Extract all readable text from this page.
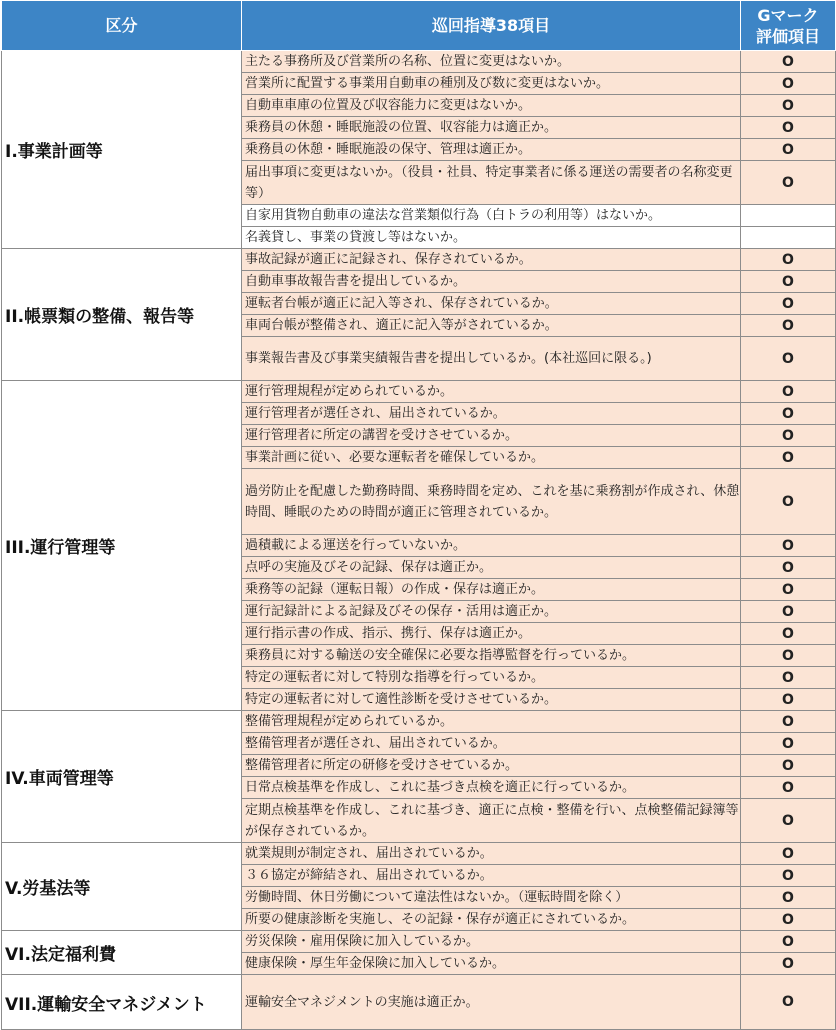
区分	巡回指導38項目	Gマーク
評価項目
I.事業計画等	主たる事務所及び営業所の名称、位置に変更はないか。	O
	営業所に配置する事業用自動車の種別及び数に変更はないか。	O
	自動車車庫の位置及び収容能力に変更はないか。	O
	乗務員の休憩・睡眠施設の位置、収容能力は適正か。	O
	乗務員の休憩・睡眠施設の保守、管理は適正か。	O
	届出事項に変更はないか。（役員・社員、特定事業者に係る運送の需要者の名称変更等）	O
	自家用貨物自動車の違法な営業類似行為（白トラの利用等）はないか。	
	名義貸し、事業の貸渡し等はないか。	
II.帳票類の整備、報告等	事故記録が適正に記録され、保存されているか。	O
	自動車事故報告書を提出しているか。	O
	運転者台帳が適正に記入等され、保存されているか。	O
	車両台帳が整備され、適正に記入等がされているか。	O
	事業報告書及び事業実績報告書を提出しているか。(本社巡回に限る。)	O
III.運行管理等	運行管理規程が定められているか。	O
	運行管理者が選任され、届出されているか。	O
	運行管理者に所定の講習を受けさせているか。	O
	事業計画に従い、必要な運転者を確保しているか。	O
	過労防止を配慮した勤務時間、乗務時間を定め、これを基に乗務割が作成され、休憩時間、睡眠のための時間が適正に管理されているか。	O
	過積載による運送を行っていないか。	O
	点呼の実施及びその記録、保存は適正か。	O
	乗務等の記録（運転日報）の作成・保存は適正か。	O
	運行記録計による記録及びその保存・活用は適正か。	O
	運行指示書の作成、指示、携行、保存は適正か。	O
	乗務員に対する輸送の安全確保に必要な指導監督を行っているか。	O
	特定の運転者に対して特別な指導を行っているか。	O
	特定の運転者に対して適性診断を受けさせているか。	O
IV.車両管理等	整備管理規程が定められているか。	O
	整備管理者が選任され、届出されているか。	O
	整備管理者に所定の研修を受けさせているか。	O
	日常点検基準を作成し、これに基づき点検を適正に行っているか。	O
	定期点検基準を作成し、これに基づき、適正に点検・整備を行い、点検整備記録簿等が保存されているか。	O
V.労基法等	就業規則が制定され、届出されているか。	O
	３６協定が締結され、届出されているか。	O
	労働時間、休日労働について違法性はないか。（運転時間を除く）	O
	所要の健康診断を実施し、その記録・保存が適正にされているか。	O
VI.法定福利費	労災保険・雇用保険に加入しているか。	O
	健康保険・厚生年金保険に加入しているか。	O
VII.運輸安全マネジメント	運輸安全マネジメントの実施は適正か。	O
